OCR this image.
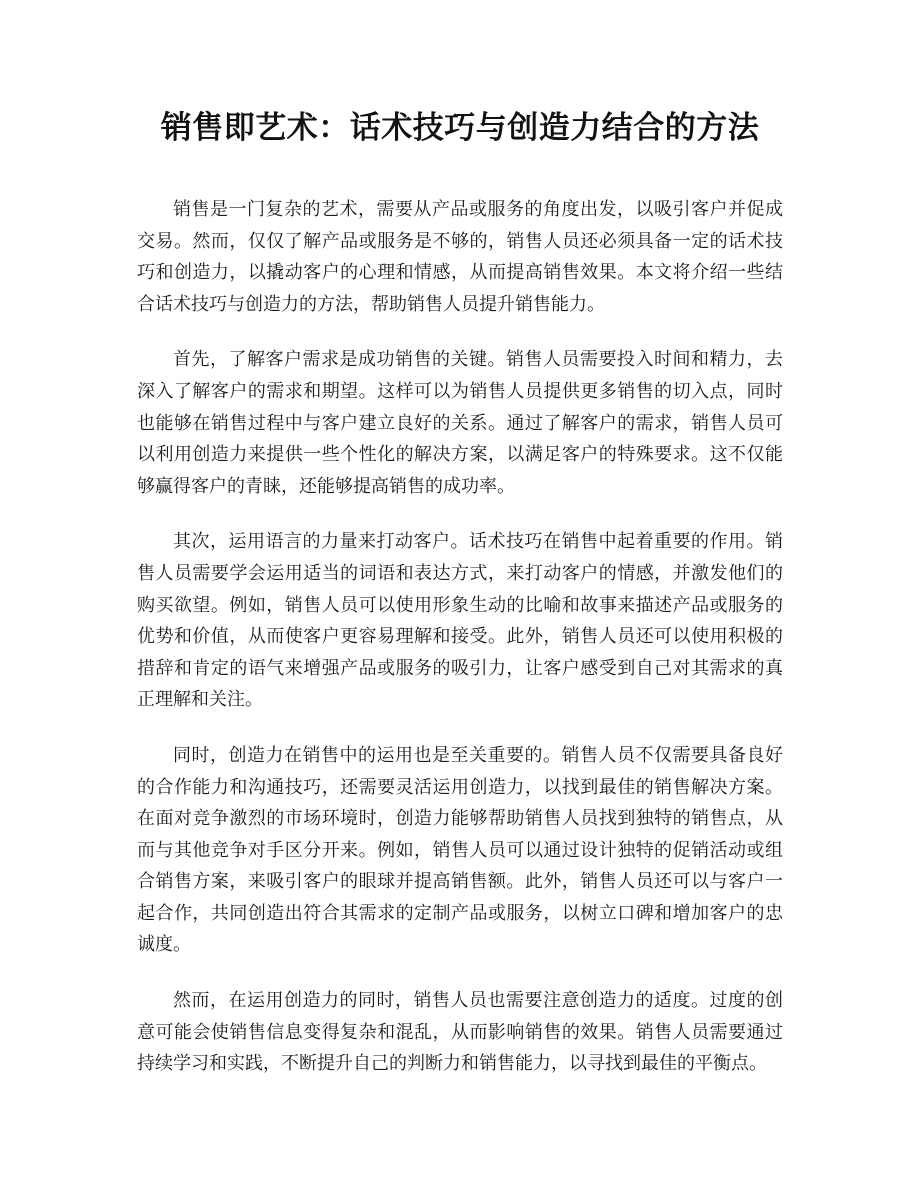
销售即艺术：话术技巧与创造力结合的方法

销售是一门复杂的艺术，需要从产品或服务的角度出发，以吸引客户并促成交易。然而，仅仅了解产品或服务是不够的，销售人员还必须具备一定的话术技巧和创造力，以撬动客户的心理和情感，从而提高销售效果。本文将介绍一些结合话术技巧与创造力的方法，帮助销售人员提升销售能力。

首先，了解客户需求是成功销售的关键。销售人员需要投入时间和精力，去深入了解客户的需求和期望。这样可以为销售人员提供更多销售的切入点，同时也能够在销售过程中与客户建立良好的关系。通过了解客户的需求，销售人员可以利用创造力来提供一些个性化的解决方案，以满足客户的特殊要求。这不仅能够赢得客户的青睐，还能够提高销售的成功率。

其次，运用语言的力量来打动客户。话术技巧在销售中起着重要的作用。销售人员需要学会运用适当的词语和表达方式，来打动客户的情感，并激发他们的购买欲望。例如，销售人员可以使用形象生动的比喻和故事来描述产品或服务的优势和价值，从而使客户更容易理解和接受。此外，销售人员还可以使用积极的措辞和肯定的语气来增强产品或服务的吸引力，让客户感受到自己对其需求的真正理解和关注。

同时，创造力在销售中的运用也是至关重要的。销售人员不仅需要具备良好的合作能力和沟通技巧，还需要灵活运用创造力，以找到最佳的销售解决方案。在面对竞争激烈的市场环境时，创造力能够帮助销售人员找到独特的销售点，从而与其他竞争对手区分开来。例如，销售人员可以通过设计独特的促销活动或组合销售方案，来吸引客户的眼球并提高销售额。此外，销售人员还可以与客户一起合作，共同创造出符合其需求的定制产品或服务，以树立口碑和增加客户的忠诚度。

然而，在运用创造力的同时，销售人员也需要注意创造力的适度。过度的创意可能会使销售信息变得复杂和混乱，从而影响销售的效果。销售人员需要通过持续学习和实践，不断提升自己的判断力和销售能力，以寻找到最佳的平衡点。
